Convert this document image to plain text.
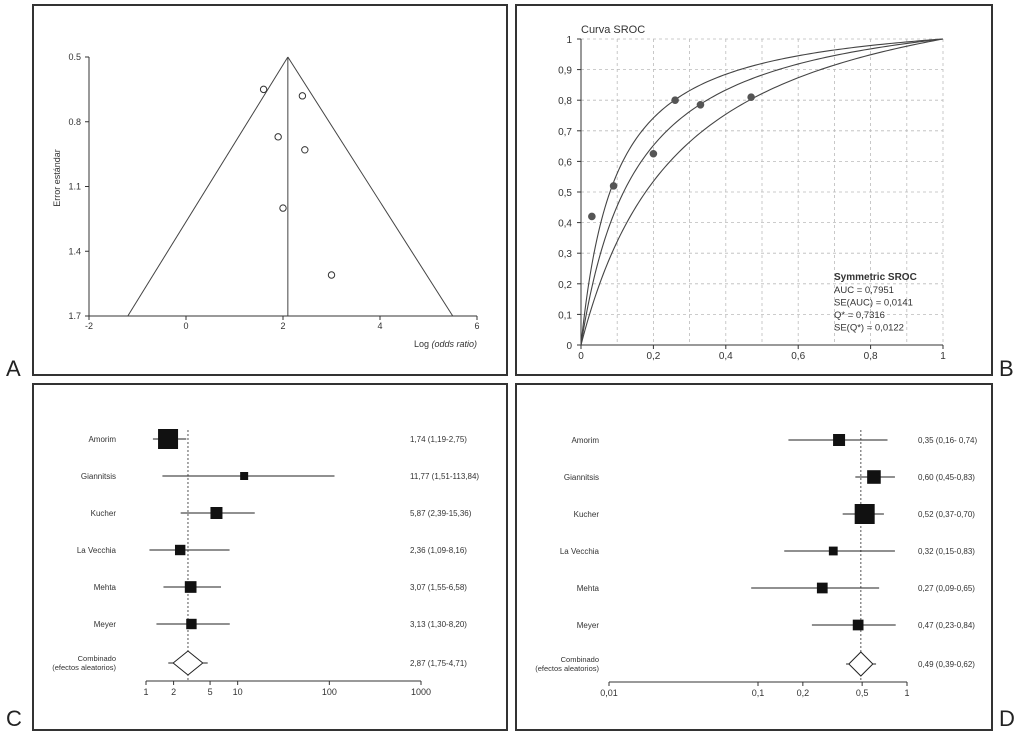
A	B
C	D
0.5
0.8
1.1
1.4
1.7
-2	0	2	4	6
Log (odds ratio)
Error estándar
0
0,1
0,2
0,3
0,4
0,5
0,6
0,7
0,8
0,9
1
0	0,2	0,4	0,6	0,8	1
Curva SROC
Symmetric SROC
AUC = 0,7951
SE(AUC) = 0,0141
Q* = 0,7316
SE(Q*) = 0,0122
1	2	5 10	100	1000
Amorim	1,74 (1,19-2,75)
Giannitsis	11,77 (1,51-113,84)
Kucher	5,87 (2,39-15,36)
La Vecchia	2,36 (1,09-8,16)
Mehta	3,07 (1,55-6,58)
Meyer	3,13 (1,30-8,20)
Combinado
(efectos aleatorios)	2,87 (1,75-4,71)
0,01	0,1	0,2	0,5	1
Amorim	0,35 (0,16- 0,74)
Giannitsis	0,60 (0,45-0,83)
Kucher	0,52 (0,37-0,70)
La Vecchia	0,32 (0,15-0,83)
Mehta	0,27 (0,09-0,65)
Meyer	0,47 (0,23-0,84)
Combinado
(efectos aleatorios)	0,49 (0,39-0,62)
